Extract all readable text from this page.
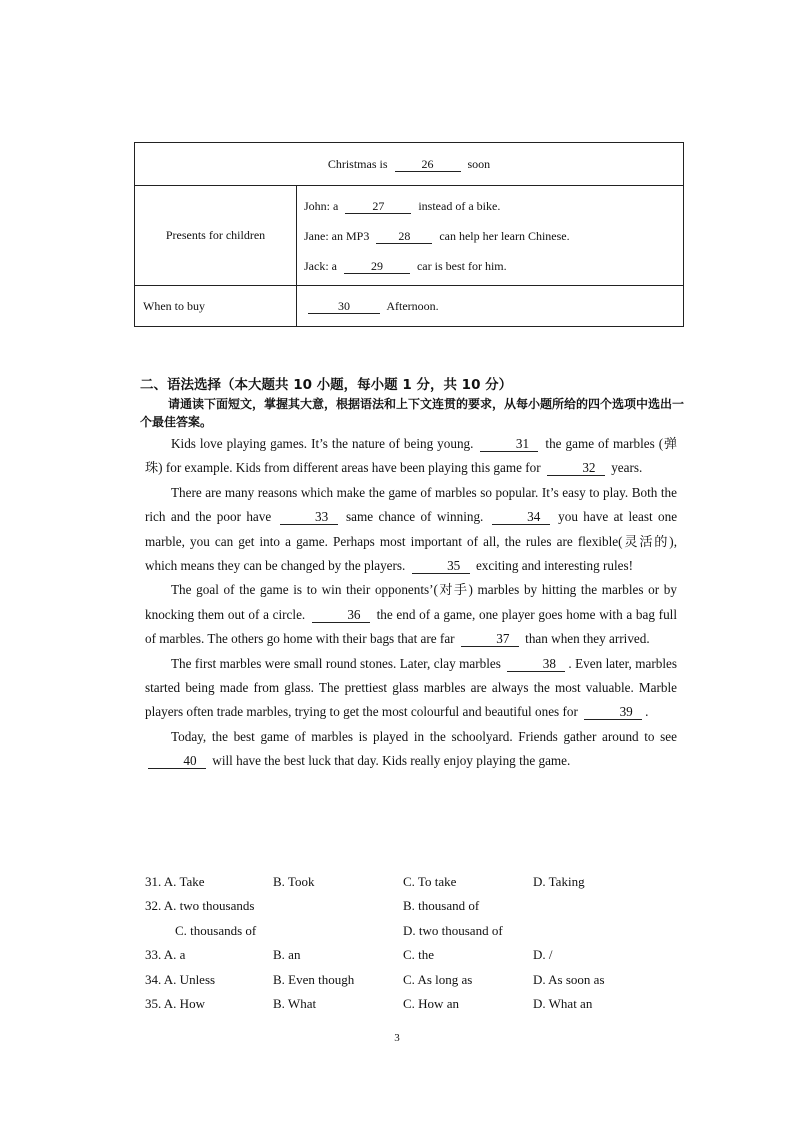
Christmas is 26 soon	
Presents for children	John: a 27 instead of a bike.
Jane: an MP3 28 can help her learn Chinese.
Jack: a 29 car is best for him.

When to buy	30 Afternoon.
二、语法选择（本大题共 10 小题，每小题 1 分，共 10 分）
请通读下面短文，掌握其大意，根据语法和上下文连贯的要求，从每小题所给的四个选项中选出一个最佳答案。

Kids love playing games. It’s the nature of being young.	31 the game of marbles (弹珠) for example. Kids from different areas have been playing this game for	32 years.

There are many reasons which make the game of marbles so popular. It’s easy to play. Both the rich and the poor have	33 same chance of winning.	34 you have at least one marble, you can get into a game. Perhaps most important of all, the rules are flexible(灵活的), which means they can be changed by the players.	35 exciting and interesting rules!

The goal of the game is to win their opponents’(对手) marbles by hitting the marbles or by knocking them out of a circle.	36 the end of a game, one player goes home with a bag full of marbles. The others go home with their bags that are far	37 than when they arrived.

The first marbles were small round stones. Later, clay marbles	38 . Even later, marbles started being made from glass. The prettiest glass marbles are always the most valuable. Marble players often trade marbles, trying to get the most colourful and beautiful ones for	39 .

Today, the best game of marbles is played in the schoolyard. Friends gather around to see 40 will have the best luck that day. Kids really enjoy playing the game.

31. A. Take	B. Took	C. To take	D. Taking
32. A. two thousands	B. thousand of
C. thousands of	D. two thousand of
33. A. a	B. an	C. the	D. /
34. A. Unless	B. Even though	C. As long as	D. As soon as
35. A. How	B. What	C. How an	D. What an
3
